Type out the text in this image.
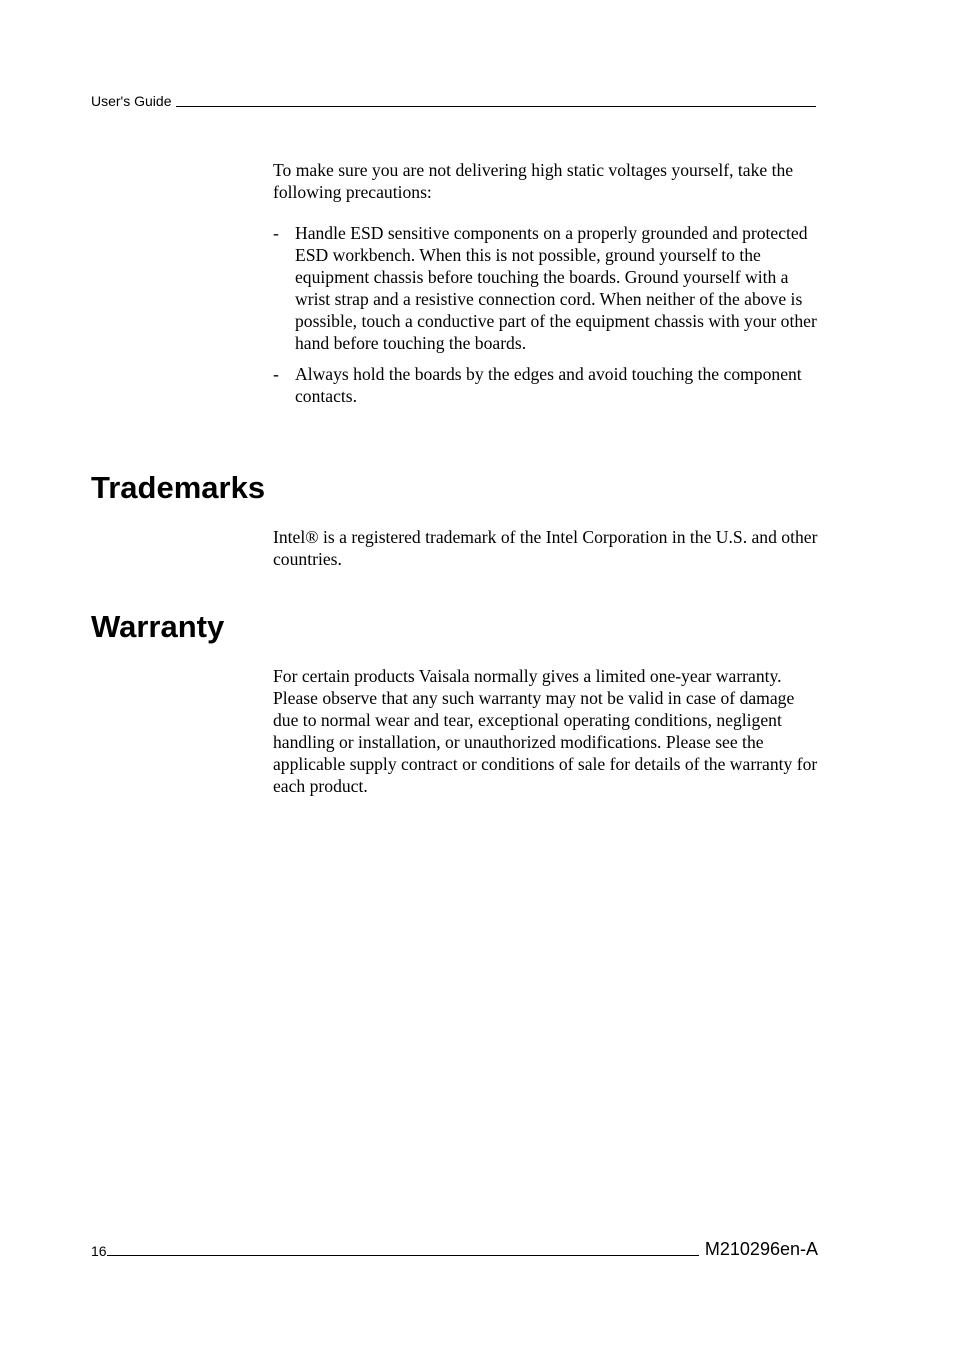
User's Guide

To make sure you are not delivering high static voltages yourself, take the following precautions:

- Handle ESD sensitive components on a properly grounded and protected ESD workbench. When this is not possible, ground yourself to the equipment chassis before touching the boards. Ground yourself with a wrist strap and a resistive connection cord. When neither of the above is possible, touch a conductive part of the equipment chassis with your other hand before touching the boards.
- Always hold the boards by the edges and avoid touching the component contacts.
Trademarks

Intel® is a registered trademark of the Intel Corporation in the U.S. and other countries.

Warranty

For certain products Vaisala normally gives a limited one-year warranty. Please observe that any such warranty may not be valid in case of damage due to normal wear and tear, exceptional operating conditions, negligent handling or installation, or unauthorized modifications. Please see the applicable supply contract or conditions of sale for details of the warranty for each product.

16	M210296en-A
